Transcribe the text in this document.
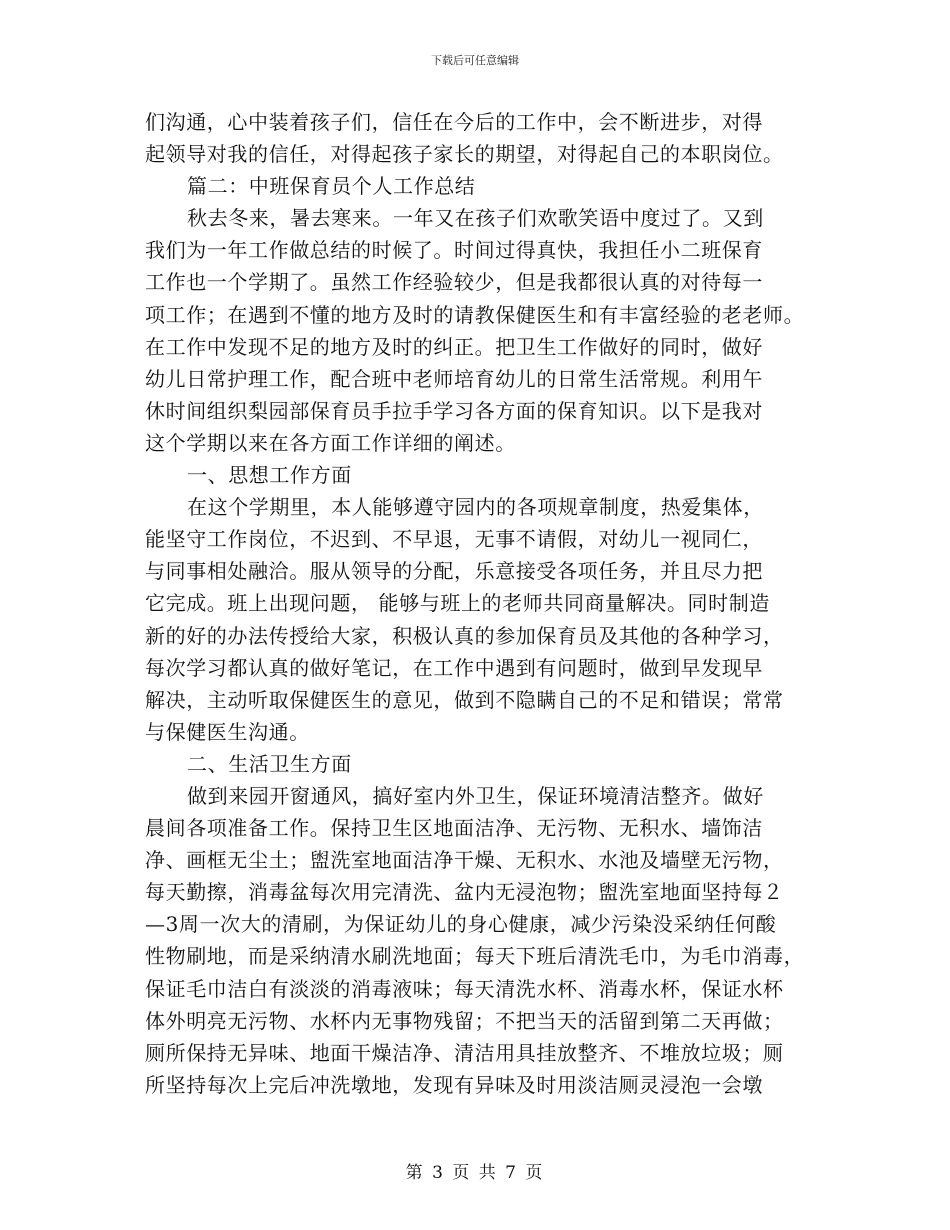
下载后可任意编辑
们沟通，心中装着孩子们，信任在今后的工作中，会不断进步，对得
起领导对我的信任，对得起孩子家长的期望，对得起自己的本职岗位。
篇二：中班保育员个人工作总结
秋去冬来，暑去寒来。一年又在孩子们欢歌笑语中度过了。又到
我们为一年工作做总结的时候了。时间过得真快，我担任小二班保育
工作也一个学期了。虽然工作经验较少，但是我都很认真的对待每一
项工作；在遇到不懂的地方及时的请教保健医生和有丰富经验的老老师。
在工作中发现不足的地方及时的纠正。把卫生工作做好的同时，做好
幼儿日常护理工作，配合班中老师培育幼儿的日常生活常规。利用午
休时间组织梨园部保育员手拉手学习各方面的保育知识。以下是我对
这个学期以来在各方面工作详细的阐述。
一、思想工作方面
在这个学期里，本人能够遵守园内的各项规章制度，热爱集体，
能坚守工作岗位，不迟到、不早退，无事不请假，对幼儿一视同仁，
与同事相处融洽。服从领导的分配，乐意接受各项任务，并且尽力把
它完成。班上出现问题， 能够与班上的老师共同商量解决。同时制造
新的好的办法传授给大家，积极认真的参加保育员及其他的各种学习，
每次学习都认真的做好笔记，在工作中遇到有问题时，做到早发现早
解决，主动听取保健医生的意见，做到不隐瞒自己的不足和错误；常常
与保健医生沟通。
二、生活卫生方面
做到来园开窗通风，搞好室内外卫生，保证环境清洁整齐。做好
晨间各项准备工作。保持卫生区地面洁净、无污物、无积水、墙饰洁
净、画框无尘土；盥洗室地面洁净干燥、无积水、水池及墙壁无污物，
每天勤擦，消毒盆每次用完清洗、盆内无浸泡物；盥洗室地面坚持每２
—3周一次大的清刷，为保证幼儿的身心健康，减少污染没采纳任何酸
性物刷地，而是采纳清水刷洗地面；每天下班后清洗毛巾，为毛巾消毒，
保证毛巾洁白有淡淡的消毒液味；每天清洗水杯、消毒水杯，保证水杯
体外明亮无污物、水杯内无事物残留；不把当天的活留到第二天再做；
厕所保持无异味、地面干燥洁净、清洁用具挂放整齐、不堆放垃圾；厕
所坚持每次上完后冲洗墩地，发现有异味及时用淡洁厕灵浸泡一会墩
第 3 页 共 7 页
